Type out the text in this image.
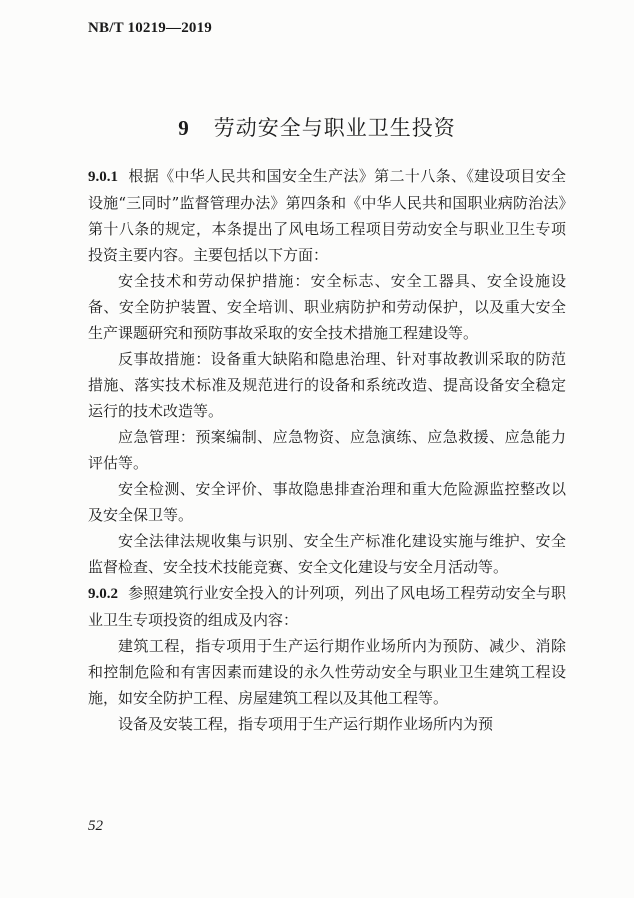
NB/T 10219—2019
9 劳动安全与职业卫生投资

9.0.1 根据《中华人民共和国安全生产法》第二十八条、《建设项目安全设施“三同时”监督管理办法》第四条和《中华人民共和国职业病防治法》第十八条的规定，本条提出了风电场工程项目劳动安全与职业卫生专项投资主要内容。主要包括以下方面：

安全技术和劳动保护措施：安全标志、安全工器具、安全设施设备、安全防护装置、安全培训、职业病防护和劳动保护，以及重大安全生产课题研究和预防事故采取的安全技术措施工程建设等。

反事故措施：设备重大缺陷和隐患治理、针对事故教训采取的防范措施、落实技术标准及规范进行的设备和系统改造、提高设备安全稳定运行的技术改造等。

应急管理：预案编制、应急物资、应急演练、应急救援、应急能力评估等。

安全检测、安全评价、事故隐患排查治理和重大危险源监控整改以及安全保卫等。

安全法律法规收集与识别、安全生产标准化建设实施与维护、安全监督检查、安全技术技能竞赛、安全文化建设与安全月活动等。

9.0.2 参照建筑行业安全投入的计列项，列出了风电场工程劳动安全与职业卫生专项投资的组成及内容：

建筑工程，指专项用于生产运行期作业场所内为预防、减少、消除和控制危险和有害因素而建设的永久性劳动安全与职业卫生建筑工程设施，如安全防护工程、房屋建筑工程以及其他工程等。

设备及安装工程，指专项用于生产运行期作业场所内为预

52
